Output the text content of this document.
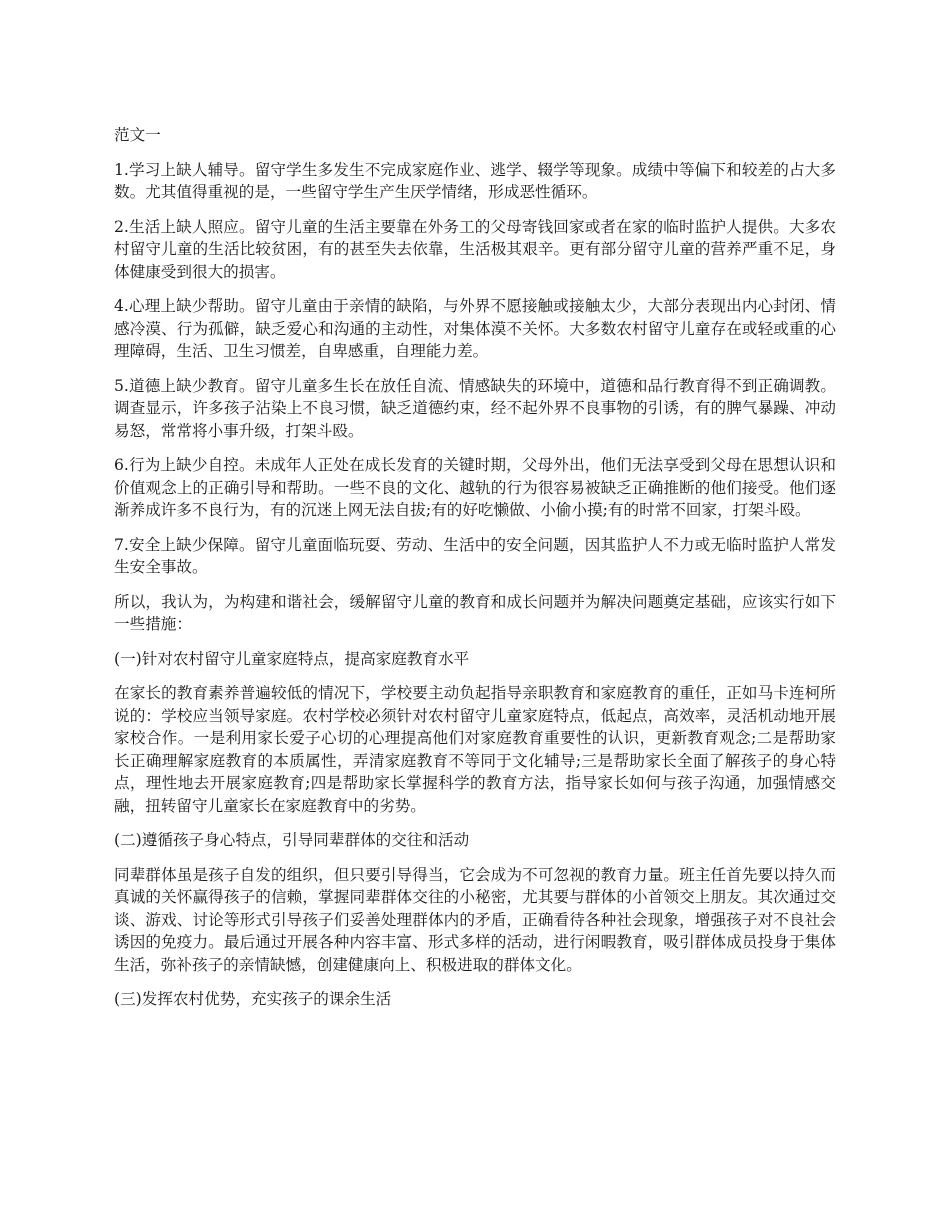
范文一

1.学习上缺人辅导。留守学生多发生不完成家庭作业、逃学、辍学等现象。成绩中等偏下和较差的占大多数。尤其值得重视的是，一些留守学生产生厌学情绪，形成恶性循环。

2.生活上缺人照应。留守儿童的生活主要靠在外务工的父母寄钱回家或者在家的临时监护人提供。大多农村留守儿童的生活比较贫困，有的甚至失去依靠，生活极其艰辛。更有部分留守儿童的营养严重不足，身体健康受到很大的损害。

4.心理上缺少帮助。留守儿童由于亲情的缺陷，与外界不愿接触或接触太少，大部分表现出内心封闭、情感冷漠、行为孤僻，缺乏爱心和沟通的主动性，对集体漠不关怀。大多数农村留守儿童存在或轻或重的心理障碍，生活、卫生习惯差，自卑感重，自理能力差。

5.道德上缺少教育。留守儿童多生长在放任自流、情感缺失的环境中，道德和品行教育得不到正确调教。调查显示，许多孩子沾染上不良习惯，缺乏道德约束，经不起外界不良事物的引诱，有的脾气暴躁、冲动易怒，常常将小事升级，打架斗殴。

6.行为上缺少自控。未成年人正处在成长发育的关键时期，父母外出，他们无法享受到父母在思想认识和价值观念上的正确引导和帮助。一些不良的文化、越轨的行为很容易被缺乏正确推断的他们接受。他们逐渐养成许多不良行为，有的沉迷上网无法自拔;有的好吃懒做、小偷小摸;有的时常不回家，打架斗殴。

7.安全上缺少保障。留守儿童面临玩耍、劳动、生活中的安全问题，因其监护人不力或无临时监护人常发生安全事故。

所以，我认为，为构建和谐社会，缓解留守儿童的教育和成长问题并为解决问题奠定基础，应该实行如下一些措施：

(一)针对农村留守儿童家庭特点，提高家庭教育水平

在家长的教育素养普遍较低的情况下，学校要主动负起指导亲职教育和家庭教育的重任，正如马卡连柯所说的：学校应当领导家庭。农村学校必须针对农村留守儿童家庭特点，低起点，高效率，灵活机动地开展家校合作。一是利用家长爱子心切的心理提高他们对家庭教育重要性的认识，更新教育观念;二是帮助家长正确理解家庭教育的本质属性，弄清家庭教育不等同于文化辅导;三是帮助家长全面了解孩子的身心特点，理性地去开展家庭教育;四是帮助家长掌握科学的教育方法，指导家长如何与孩子沟通，加强情感交融，扭转留守儿童家长在家庭教育中的劣势。

(二)遵循孩子身心特点，引导同辈群体的交往和活动

同辈群体虽是孩子自发的组织，但只要引导得当，它会成为不可忽视的教育力量。班主任首先要以持久而真诚的关怀赢得孩子的信赖，掌握同辈群体交往的小秘密，尤其要与群体的小首领交上朋友。其次通过交谈、游戏、讨论等形式引导孩子们妥善处理群体内的矛盾，正确看待各种社会现象，增强孩子对不良社会诱因的免疫力。最后通过开展各种内容丰富、形式多样的活动，进行闲暇教育，吸引群体成员投身于集体生活，弥补孩子的亲情缺憾，创建健康向上、积极进取的群体文化。

(三)发挥农村优势，充实孩子的课余生活
